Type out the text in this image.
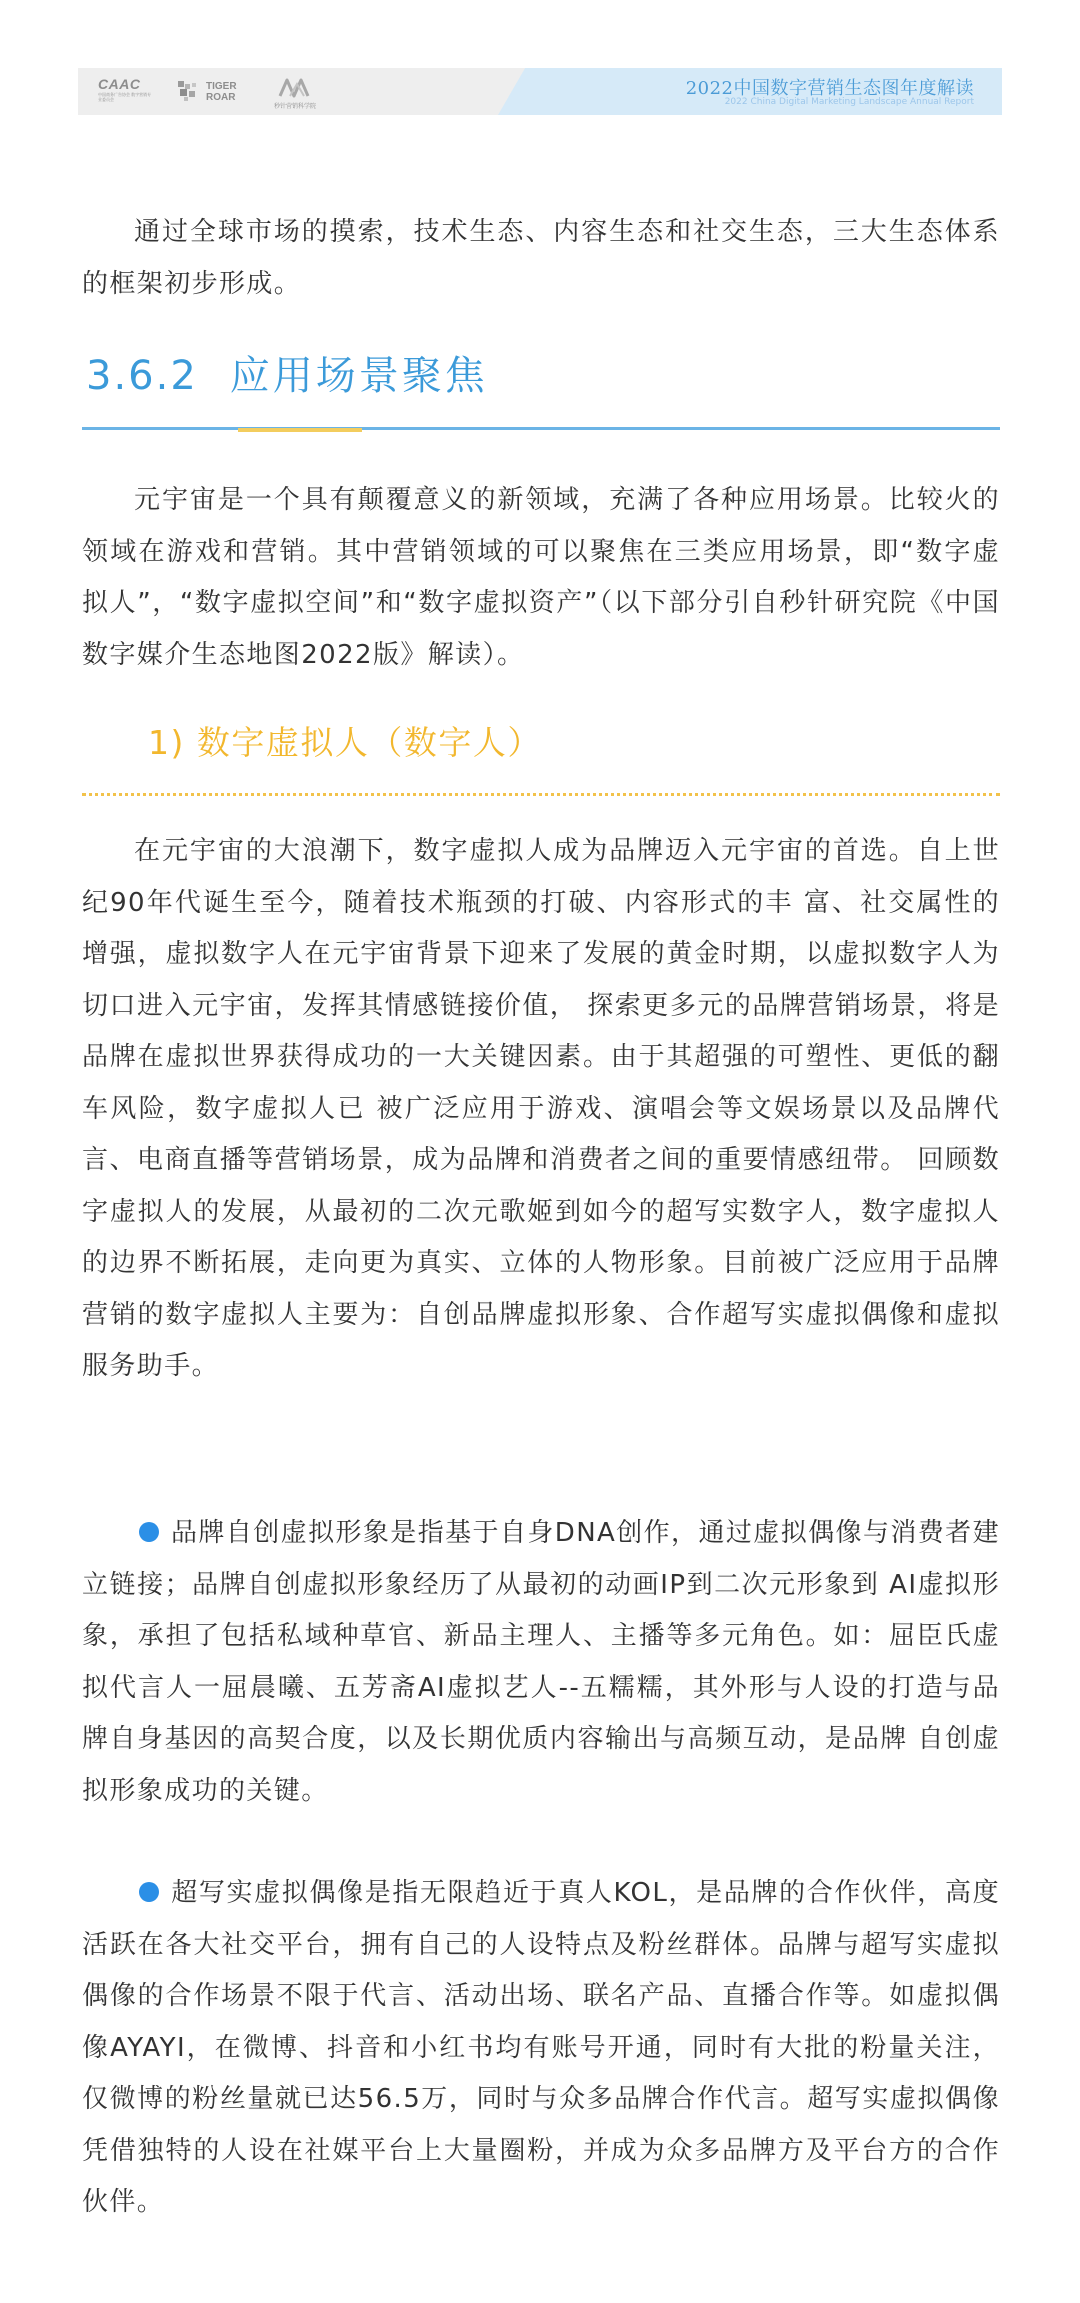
CAAC
中国商务广告协会 数字营销专业委员会
TIGER
ROAR
秒针营销科学院
2022中国数字营销生态图年度解读
2022 China Digital Marketing Landscape Annual Report

通过全球市场的摸索，技术生态、内容生态和社交生态，三大生态体系的框架初步形成。

3.6.2 应用场景聚焦

元宇宙是一个具有颠覆意义的新领域，充满了各种应用场景。比较火的领域在游戏和营销。其中营销领域的可以聚焦在三类应用场景，即“数字虚拟人”，“数字虚拟空间”和“数字虚拟资产”（以下部分引自秒针研究院《中国数字媒介生态地图2022版》解读）。

1) 数字虚拟人（数字人）

在元宇宙的大浪潮下，数字虚拟人成为品牌迈入元宇宙的首选。自上世纪90年代诞生至今，随着技术瓶颈的打破、内容形式的丰 富、社交属性的增强，虚拟数字人在元宇宙背景下迎来了发展的黄金时期，以虚拟数字人为切口进入元宇宙，发挥其情感链接价值， 探索更多元的品牌营销场景，将是品牌在虚拟世界获得成功的一大关键因素。由于其超强的可塑性、更低的翻车风险，数字虚拟人已 被广泛应用于游戏、演唱会等文娱场景以及品牌代言、电商直播等营销场景，成为品牌和消费者之间的重要情感纽带。 回顾数字虚拟人的发展，从最初的二次元歌姬到如今的超写实数字人，数字虚拟人的边界不断拓展，走向更为真实、立体的人物形象。目前被广泛应用于品牌营销的数字虚拟人主要为：自创品牌虚拟形象、合作超写实虚拟偶像和虚拟服务助手。

品牌自创虚拟形象是指基于自身DNA创作，通过虚拟偶像与消费者建立链接；品牌自创虚拟形象经历了从最初的动画IP到二次元形象到 AI虚拟形象，承担了包括私域种草官、新品主理人、主播等多元角色。如：屈臣氏虚拟代言人一屈晨曦、五芳斋AI虚拟艺人--五糯糯，其外形与人设的打造与品牌自身基因的高契合度，以及长期优质内容输出与高频互动，是品牌 自创虚拟形象成功的关键。

超写实虚拟偶像是指无限趋近于真人KOL，是品牌的合作伙伴，高度活跃在各大社交平台，拥有自己的人设特点及粉丝群体。品牌与超写实虚拟偶像的合作场景不限于代言、活动出场、联名产品、直播合作等。如虚拟偶像AYAYI，在微博、抖音和小红书均有账号开通，同时有大批的粉量关注，仅微博的粉丝量就已达56.5万，同时与众多品牌合作代言。超写实虚拟偶像凭借独特的人设在社媒平台上大量圈粉，并成为众多品牌方及平台方的合作伙伴。
